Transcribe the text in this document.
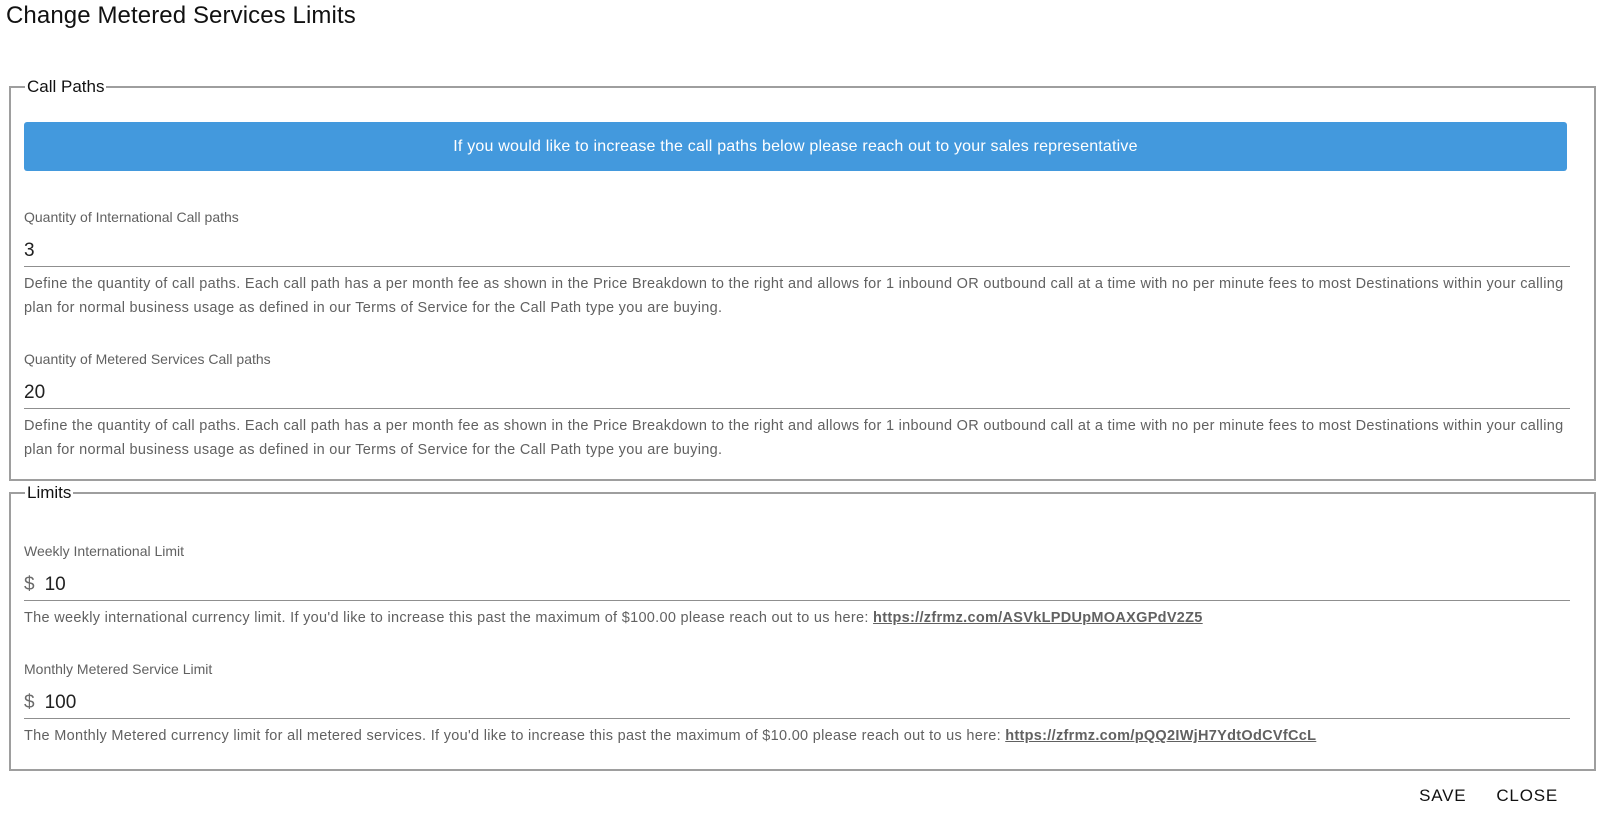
Change Metered Services Limits
Call Paths
If you would like to increase the call paths below please reach out to your sales representative
Quantity of International Call paths
3
Define the quantity of call paths. Each call path has a per month fee as shown in the Price Breakdown to the right and allows for 1 inbound OR outbound call at a time with no per minute fees to most Destinations within your calling plan for normal business usage as defined in our Terms of Service for the Call Path type you are buying.
Quantity of Metered Services Call paths
20
Define the quantity of call paths. Each call path has a per month fee as shown in the Price Breakdown to the right and allows for 1 inbound OR outbound call at a time with no per minute fees to most Destinations within your calling plan for normal business usage as defined in our Terms of Service for the Call Path type you are buying.
Limits
Weekly International Limit
$
10
The weekly international currency limit. If you'd like to increase this past the maximum of $100.00 please reach out to us here: https://zfrmz.com/ASVkLPDUpMOAXGPdV2Z5
Monthly Metered Service Limit
$
100
The Monthly Metered currency limit for all metered services. If you'd like to increase this past the maximum of $10.00 please reach out to us here: https://zfrmz.com/pQQ2IWjH7YdtOdCVfCcL
SAVE	CLOSE
